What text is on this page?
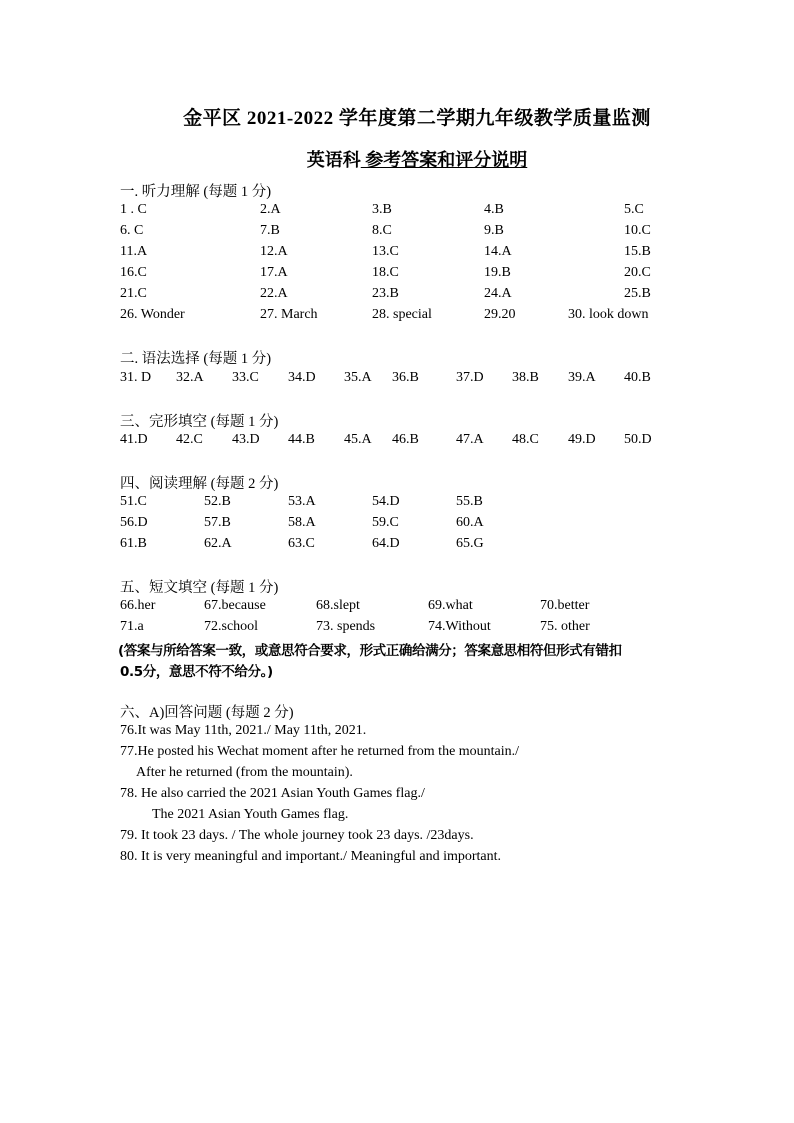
金平区 2021-2022 学年度第二学期九年级教学质量监测
英语科 参考答案和评分说明
一. 听力理解 (每题 1 分)
1 . C	2.A	3.B	4.B	5.C
6. C	7.B	8.C	9.B	10.C
11.A	12.A	13.C	14.A	15.B
16.C	17.A	18.C	19.B	20.C
21.C	22.A	23.B	24.A	25.B
26. Wonder	27. March	28. special	29.20	30. look down
二. 语法选择 (每题 1 分)
31. D 32.A 33.C 34.D 35.A 36.B	37.D 38.B 39.A 40.B
三、完形填空 (每题 1 分)
41.D 42.C 43.D 44.B 45.A 46.B	47.A 48.C 49.D 50.D
四、阅读理解 (每题 2 分)
51.C	52.B	53.A	54.D	55.B
56.D	57.B	58.A	59.C	60.A
61.B	62.A	63.C	64.D	65.G
五、短文填空 (每题 1 分)
66.her	67.because	68.slept	69.what	70.better
71.a	72.school	73. spends	74.Without	75. other
(答案与所给答案一致，或意思符合要求，形式正确给满分；答案意思相符但形式有错扣
0.5分，意思不符不给分。)
六、A)回答问题 (每题 2 分)
76.It was May 11th, 2021./ May 11th, 2021.
77.He posted his Wechat moment after he returned from the mountain./
After he returned (from the mountain).
78. He also carried the 2021 Asian Youth Games flag./
The 2021 Asian Youth Games flag.
79. It took 23 days. / The whole journey took 23 days. /23days.
80. It is very meaningful and important./ Meaningful and important.
